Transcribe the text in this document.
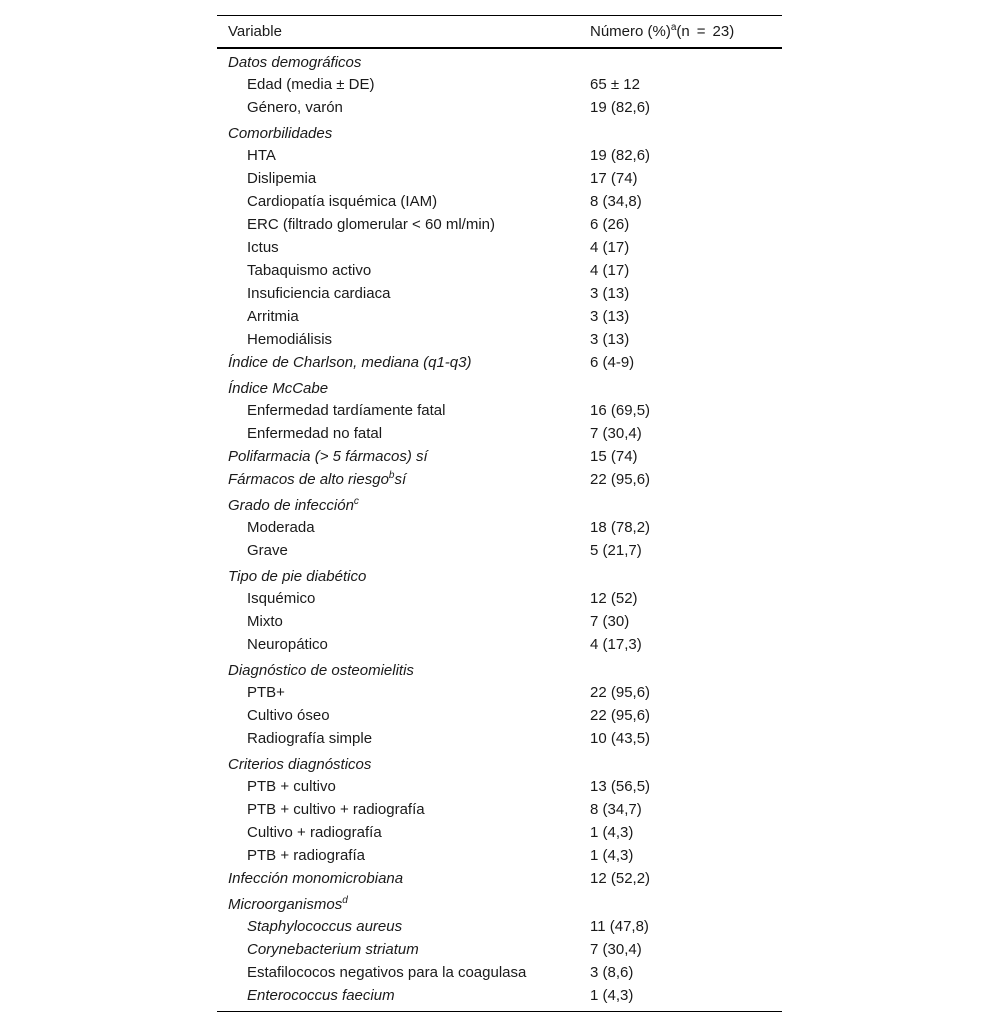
Variable	Número (%)$^a$(n = 23)
Datos demográficos	
Edad (media ± DE)	65 ± 12
Género, varón	19 (82,6)
Comorbilidades	
HTA	19 (82,6)
Dislipemia	17 (74)
Cardiopatía isquémica (IAM)	8 (34,8)
ERC (filtrado glomerular < 60 ml/min)	6 (26)
Ictus	4 (17)
Tabaquismo activo	4 (17)
Insuficiencia cardiaca	3 (13)
Arritmia	3 (13)
Hemodiálisis	3 (13)
Índice de Charlson, mediana (q1-q3)	6 (4-9)
Índice McCabe	
Enfermedad tardíamente fatal	16 (69,5)
Enfermedad no fatal	7 (30,4)
Polifarmacia (> 5 fármacos) sí	15 (74)
Fármacos de alto riesgo$^b$sí	22 (95,6)
Grado de infección$^c$	
Moderada	18 (78,2)
Grave	5 (21,7)
Tipo de pie diabético	
Isquémico	12 (52)
Mixto	7 (30)
Neuropático	4 (17,3)
Diagnóstico de osteomielitis	
PTB+	22 (95,6)
Cultivo óseo	22 (95,6)
Radiografía simple	10 (43,5)
Criterios diagnósticos	
PTB + cultivo	13 (56,5)
PTB + cultivo + radiografía	8 (34,7)
Cultivo + radiografía	1 (4,3)
PTB + radiografía	1 (4,3)
Infección monomicrobiana	12 (52,2)
Microorganismos$^d$	
Staphylococcus aureus	11 (47,8)
Corynebacterium striatum	7 (30,4)
Estafilococos negativos para la coagulasa	3 (8,6)
Enterococcus faecium	1 (4,3)
